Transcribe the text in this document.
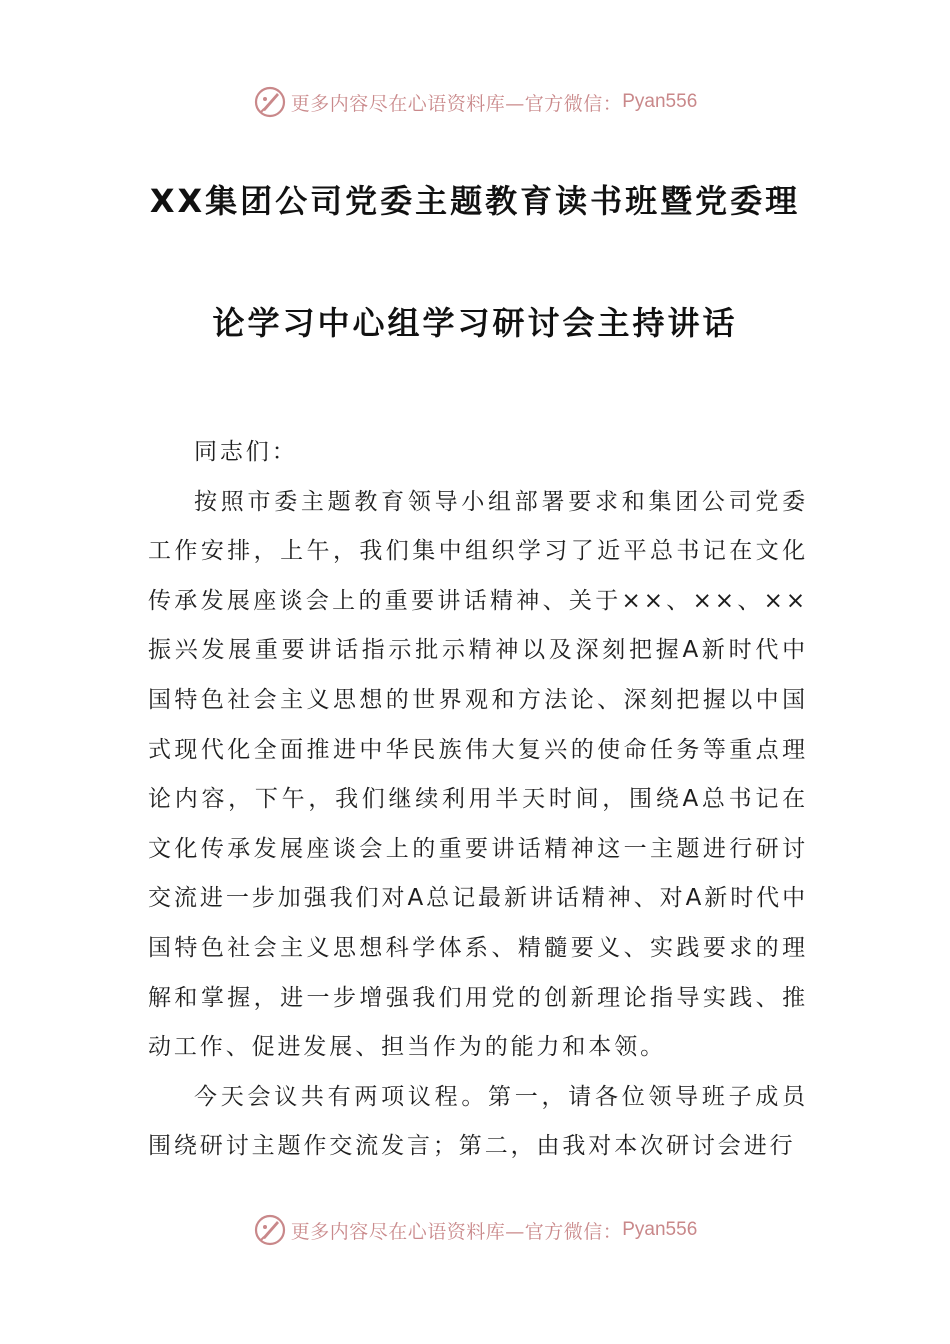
更多内容尽在心语资料库—官方微信： Pyan556
XX集团公司党委主题教育读书班暨党委理
论学习中心组学习研讨会主持讲话

同志们：

按照市委主题教育领导小组部署要求和集团公司党委工作安排，上午，我们集中组织学习了近平总书记在文化传承发展座谈会上的重要讲话精神、关于××、××、××振兴发展重要讲话指示批示精神以及深刻把握A新时代中国特色社会主义思想的世界观和方法论、深刻把握以中国式现代化全面推进中华民族伟大复兴的使命任务等重点理论内容，下午，我们继续利用半天时间，围绕A总书记在文化传承发展座谈会上的重要讲话精神这一主题进行研讨交流进一步加强我们对A总记最新讲话精神、对A新时代中国特色社会主义思想科学体系、精髓要义、实践要求的理解和掌握，进一步增强我们用党的创新理论指导实践、推动工作、促进发展、担当作为的能力和本领。

今天会议共有两项议程。第一，请各位领导班子成员围绕研讨主题作交流发言；第二，由我对本次研讨会进行

更多内容尽在心语资料库—官方微信： Pyan556
